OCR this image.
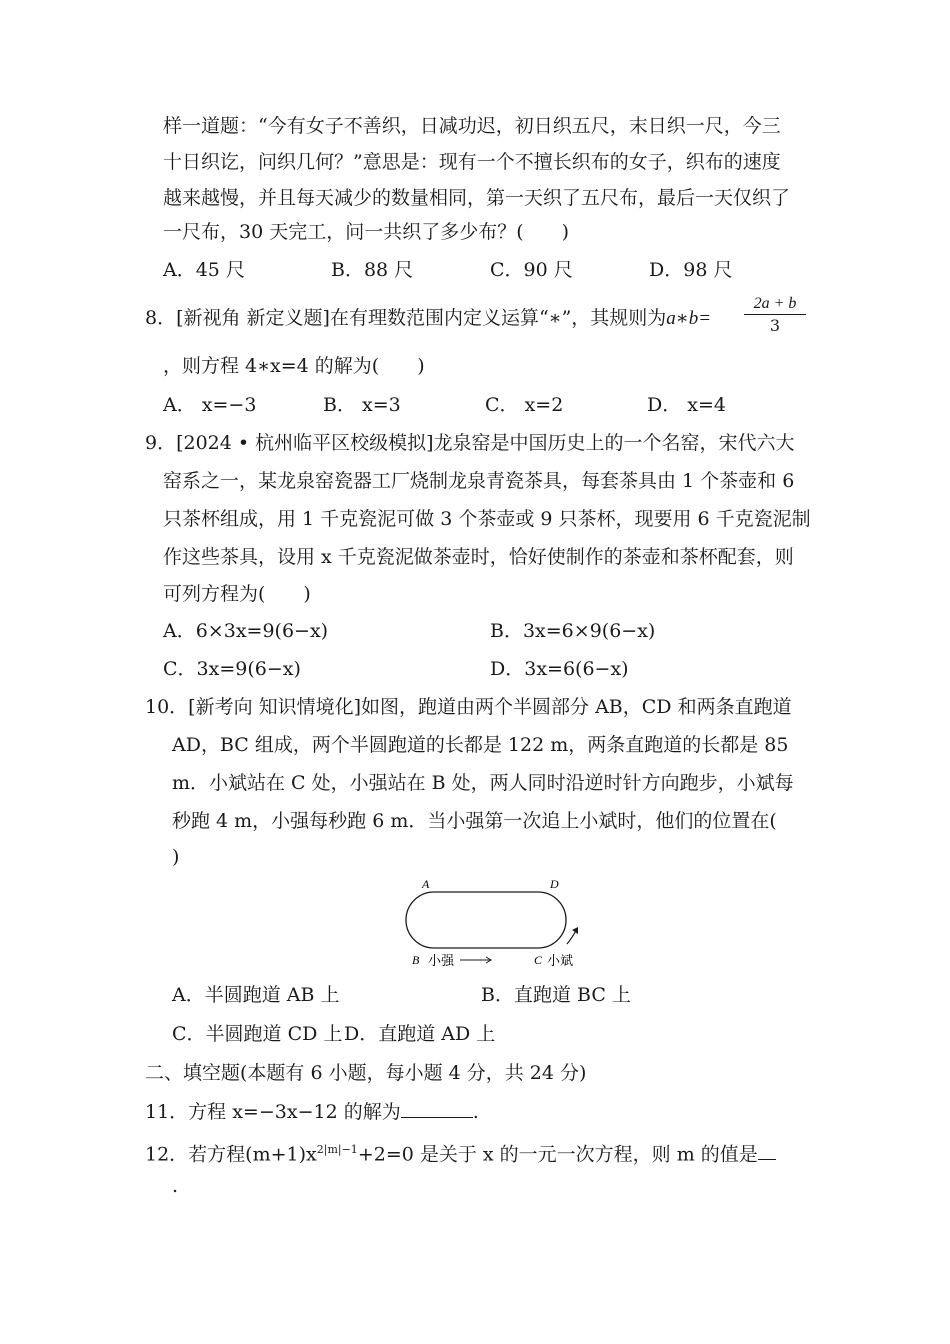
样一道题：“今有女子不善织，日减功迟，初日织五尺，末日织一尺，今三
十日织讫，问织几何？”意思是：现有一个不擅长织布的女子，织布的速度
越来越慢，并且每天减少的数量相同，第一天织了五尺布，最后一天仅织了
一尺布，30 天完工，问一共织了多少布？(　　)
A．45 尺	B．88 尺	C．90 尺	D．98 尺
8．[新视角 新定义题]在有理数范围内定义运算“∗”，其规则为a∗b= $\frac{2a + b}{3}$
，则方程 4∗x=4 的解为(　　)
A． x=−3	B． x=3	C． x=2	D． x=4
9．[2024 • 杭州临平区校级模拟]龙泉窑是中国历史上的一个名窑，宋代六大
窑系之一，某龙泉窑瓷器工厂烧制龙泉青瓷茶具，每套茶具由 1 个茶壶和 6
只茶杯组成，用 1 千克瓷泥可做 3 个茶壶或 9 只茶杯，现要用 6 千克瓷泥制
作这些茶具，设用 x 千克瓷泥做茶壶时，恰好使制作的茶壶和茶杯配套，则
可列方程为(　　)
A．6×3x=9(6−x)	B．3x=6×9(6−x)
C．3x=9(6−x)	D．3x=6(6−x)
10．[新考向 知识情境化]如图，跑道由两个半圆部分 AB，CD 和两条直跑道
AD，BC 组成，两个半圆跑道的长都是 122 m，两条直跑道的长都是 85
m．小斌站在 C 处，小强站在 B 处，两人同时沿逆时针方向跑步，小斌每
秒跑 4 m，小强每秒跑 6 m．当小强第一次追上小斌时，他们的位置在(
)
A	D
B 小强	C 小斌
A．半圆跑道 AB 上	B．直跑道 BC 上
C．半圆跑道 CD 上 D．直跑道 AD 上
二、填空题(本题有 6 小题，每小题 4 分，共 24 分)
11．方程 x=−3x−12 的解为	.
12．若方程$(m+1)x^{2|m|-1}+2=0$ 是关于 x 的一元一次方程，则 m 的值是
.
